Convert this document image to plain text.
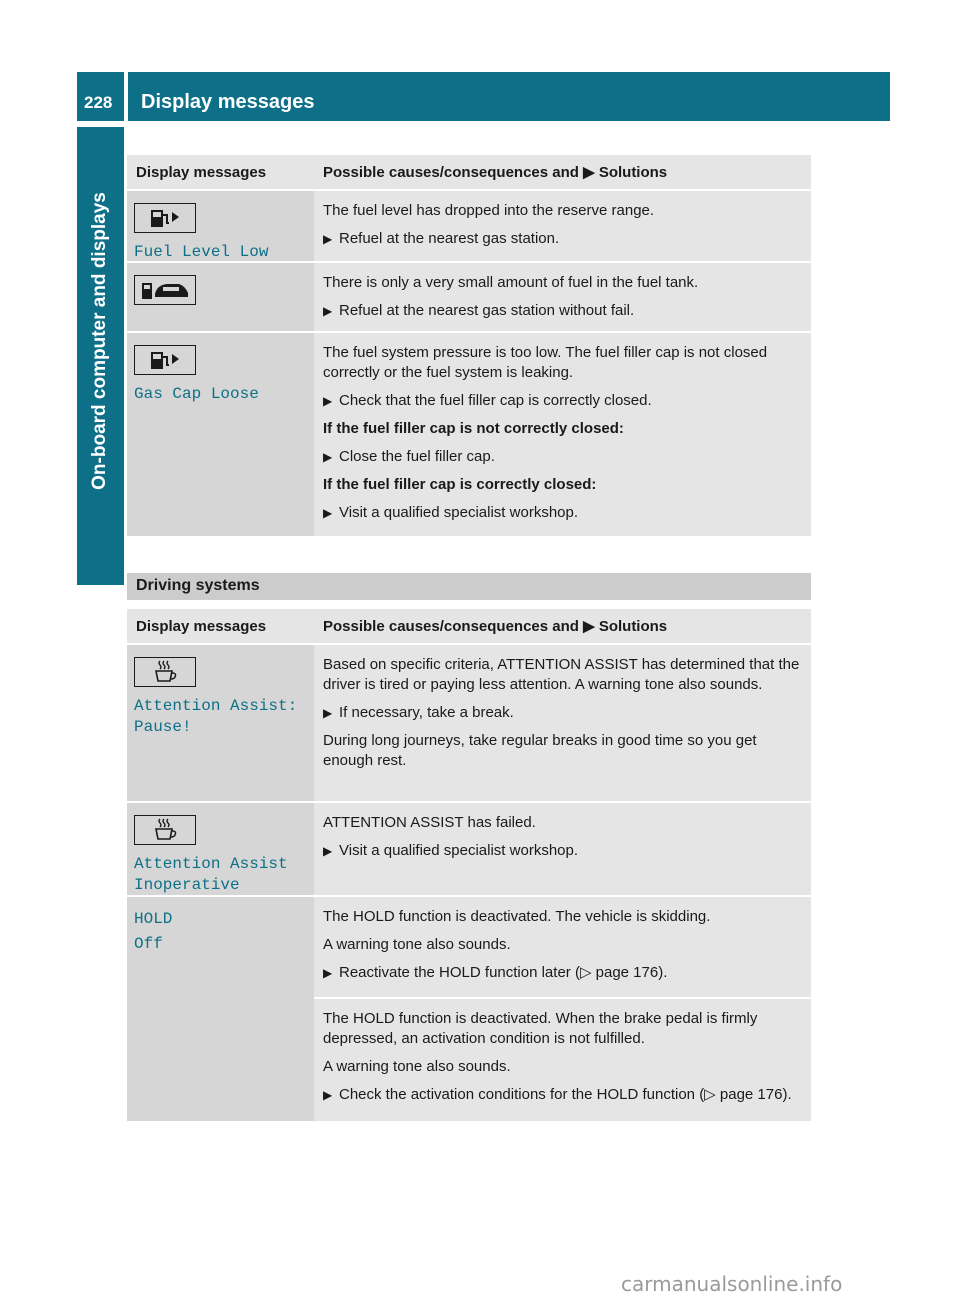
228 Display messages
On-board computer and displays
Display messages	Possible causes/consequences and ▶ Solutions
Fuel Level Low

The fuel level has dropped into the reserve range.

▶ Refuel at the nearest gas station.

There is only a very small amount of fuel in the fuel tank.

▶ Refuel at the nearest gas station without fail.

Gas Cap Loose

The fuel system pressure is too low. The fuel filler cap is not closed correctly or the fuel system is leaking.

▶ Check that the fuel filler cap is correctly closed.

If the fuel filler cap is not correctly closed:

▶ Close the fuel filler cap.

If the fuel filler cap is correctly closed:

▶ Visit a qualified specialist workshop.

Driving systems
Display messages	Possible causes/consequences and ▶ Solutions
Attention Assist:
Pause!

Based on specific criteria, ATTENTION ASSIST has determined that the driver is tired or paying less attention. A warning tone also sounds.

▶ If necessary, take a break.

During long journeys, take regular breaks in good time so you get enough rest.

Attention Assist
Inoperative

ATTENTION ASSIST has failed.

▶ Visit a qualified specialist workshop.

HOLD
Off

The HOLD function is deactivated. The vehicle is skidding.

A warning tone also sounds.

▶ Reactivate the HOLD function later (▷ page 176).

The HOLD function is deactivated. When the brake pedal is firmly depressed, an activation condition is not fulfilled.

A warning tone also sounds.

▶ Check the activation conditions for the HOLD function (▷ page 176).

carmanualsonline.info
